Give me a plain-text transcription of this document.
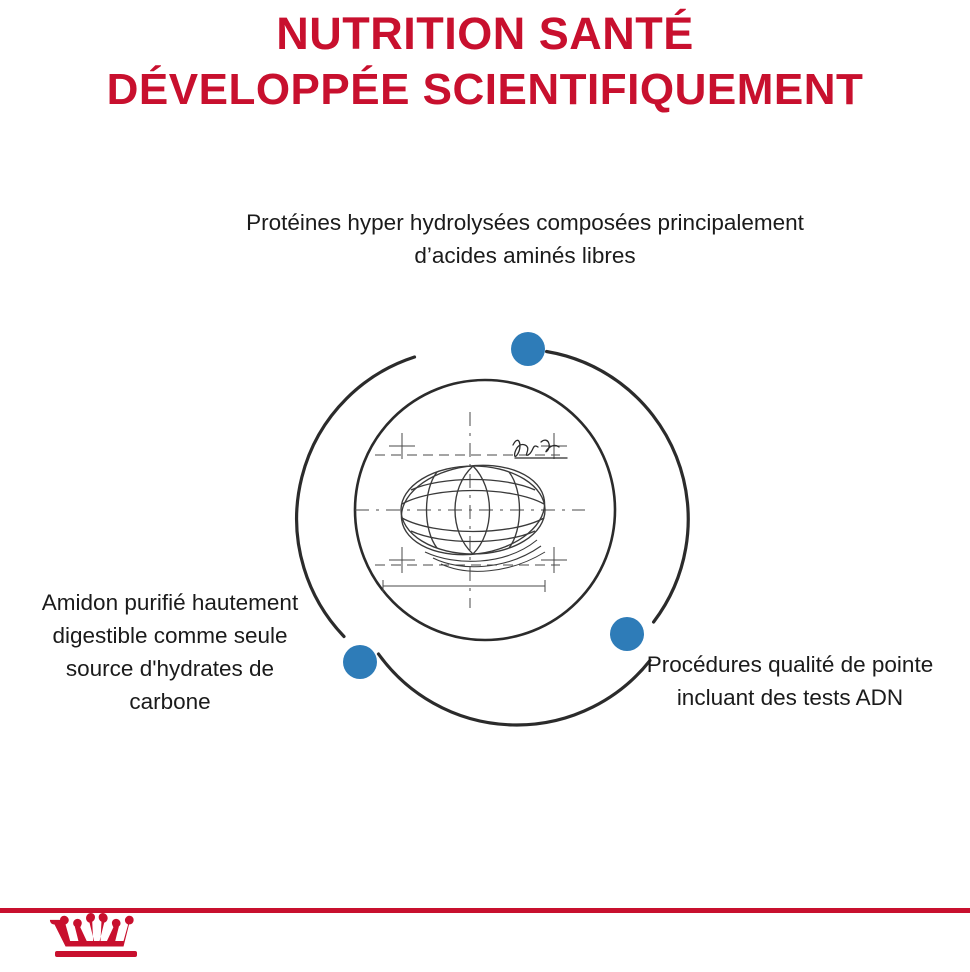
NUTRITION SANTÉ
DÉVELOPPÉE SCIENTIFIQUEMENT
Protéines hyper hydrolysées composées principalement d’acides aminés libres
Amidon purifié hautement digestible comme seule source d'hydrates de carbone
Procédures qualité de pointe incluant des tests ADN
